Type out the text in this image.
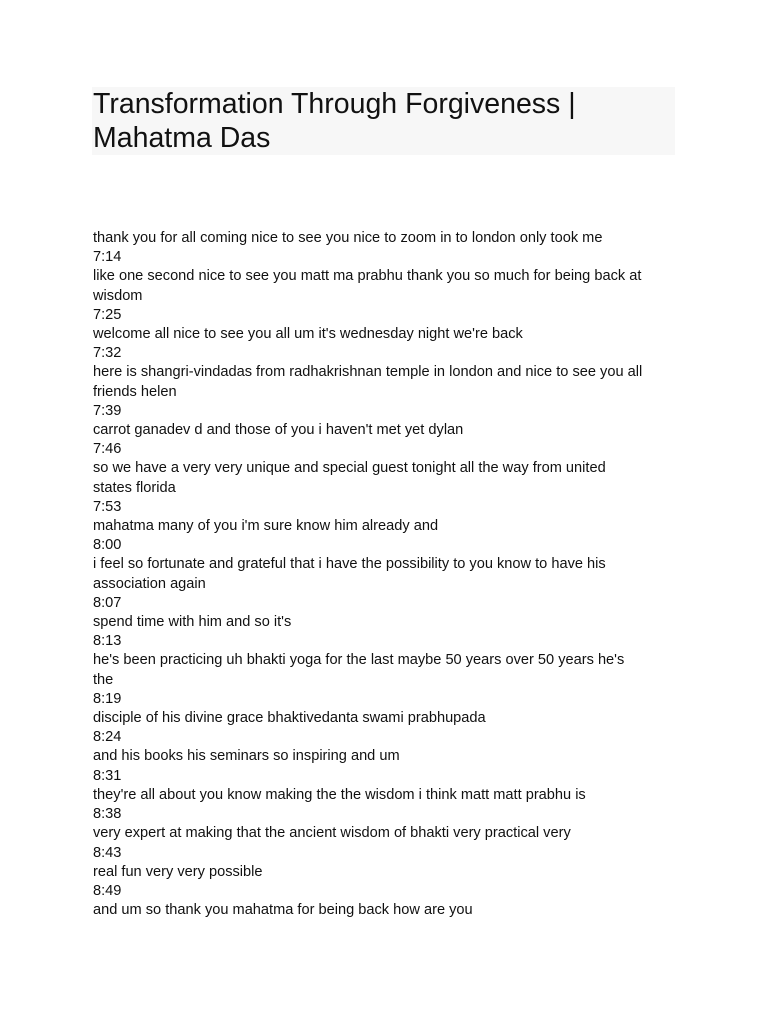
Transformation Through Forgiveness |
Mahatma Das
thank you for all coming nice to see you nice to zoom in to london only took me
7:14
like one second nice to see you matt ma prabhu thank you so much for being back at
wisdom
7:25
welcome all nice to see you all um it's wednesday night we're back
7:32
here is shangri-vindadas from radhakrishnan temple in london and nice to see you all
friends helen
7:39
carrot ganadev d and those of you i haven't met yet dylan
7:46
so we have a very very unique and special guest tonight all the way from united
states florida
7:53
mahatma many of you i'm sure know him already and
8:00
i feel so fortunate and grateful that i have the possibility to you know to have his
association again
8:07
spend time with him and so it's
8:13
he's been practicing uh bhakti yoga for the last maybe 50 years over 50 years he's
the
8:19
disciple of his divine grace bhaktivedanta swami prabhupada
8:24
and his books his seminars so inspiring and um
8:31
they're all about you know making the the wisdom i think matt matt prabhu is
8:38
very expert at making that the ancient wisdom of bhakti very practical very
8:43
real fun very very possible
8:49
and um so thank you mahatma for being back how are you
